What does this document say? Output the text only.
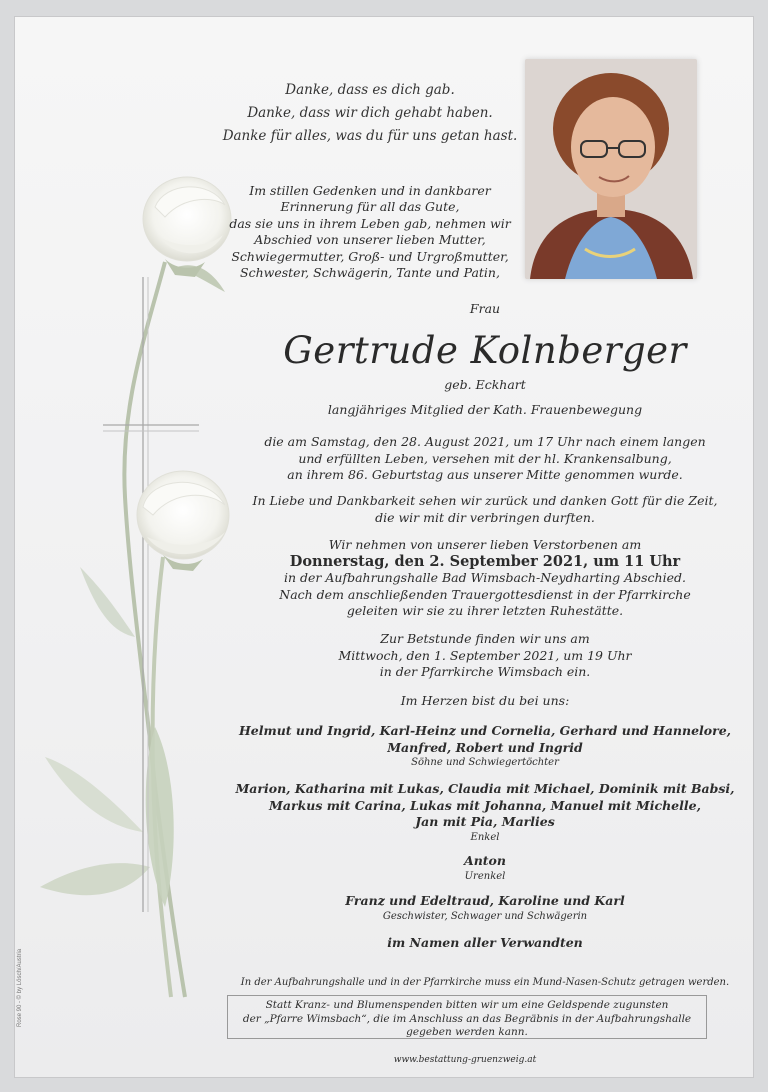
Rose 90 - © by Lösch/Austria
Danke, dass es dich gab.
Danke, dass wir dich gehabt haben.
Danke für alles, was du für uns getan hast.
Im stillen Gedenken und in dankbarer
Erinnerung für all das Gute,
das sie uns in ihrem Leben gab, nehmen wir
Abschied von unserer lieben Mutter,
Schwiegermutter, Groß- und Urgroßmutter,
Schwester, Schwägerin, Tante und Patin,
Frau
Gertrude Kolnberger
geb. Eckhart
langjähriges Mitglied der Kath. Frauenbewegung
die am Samstag, den 28. August 2021, um 17 Uhr nach einem langen
und erfüllten Leben, versehen mit der hl. Krankensalbung,
an ihrem 86. Geburtstag aus unserer Mitte genommen wurde.
In Liebe und Dankbarkeit sehen wir zurück und danken Gott für die Zeit,
die wir mit dir verbringen durften.
Wir nehmen von unserer lieben Verstorbenen am
Donnerstag, den 2. September 2021, um 11 Uhr
in der Aufbahrungshalle Bad Wimsbach-Neydharting Abschied.
Nach dem anschließenden Trauergottesdienst in der Pfarrkirche
geleiten wir sie zu ihrer letzten Ruhestätte.
Zur Betstunde finden wir uns am
Mittwoch, den 1. September 2021, um 19 Uhr
in der Pfarrkirche Wimsbach ein.
Im Herzen bist du bei uns:
Helmut und Ingrid, Karl-Heinz und Cornelia, Gerhard und Hannelore,
Manfred, Robert und Ingrid
Söhne und Schwiegertöchter
Marion, Katharina mit Lukas, Claudia mit Michael, Dominik mit Babsi,
Markus mit Carina, Lukas mit Johanna, Manuel mit Michelle,
Jan mit Pia, Marlies
Enkel
Anton
Urenkel
Franz und Edeltraud, Karoline und Karl
Geschwister, Schwager und Schwägerin
im Namen aller Verwandten
In der Aufbahrungshalle und in der Pfarrkirche muss ein Mund-Nasen-Schutz getragen werden.
Statt Kranz- und Blumenspenden bitten wir um eine Geldspende zugunsten
der „Pfarre Wimsbach“, die im Anschluss an das Begräbnis in der Aufbahrungshalle
gegeben werden kann.
www.bestattung-gruenzweig.at
